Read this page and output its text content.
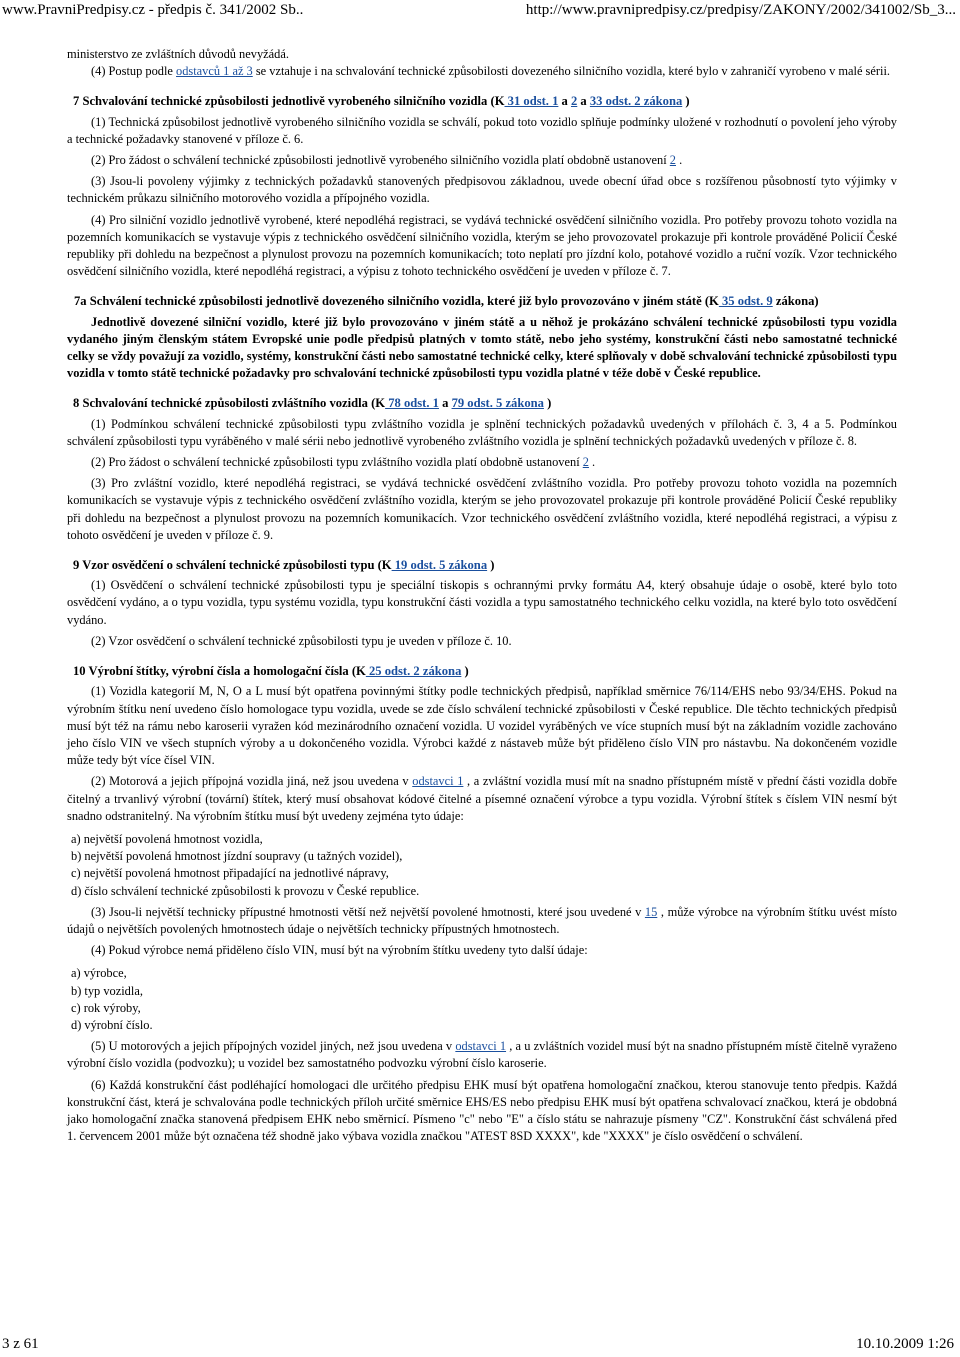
www.PravniPredpisy.cz - předpis č. 341/2002 Sb..	http://www.pravnipredpisy.cz/predpisy/ZAKONY/2002/341002/Sb_3...

ministerstvo ze zvláštních důvodů nevyžádá.

(4) Postup podle odstavců 1 až 3 se vztahuje i na schvalování technické způsobilosti dovezeného silničního vozidla, které bylo v zahraničí vyrobeno v malé sérii.

7 Schvalování technické způsobilosti jednotlivě vyrobeného silničního vozidla (K 31 odst. 1 a 2 a 33 odst. 2 zákona )

(1) Technická způsobilost jednotlivě vyrobeného silničního vozidla se schválí, pokud toto vozidlo splňuje podmínky uložené v rozhodnutí o povolení jeho výroby a technické požadavky stanovené v příloze č. 6.

(2) Pro žádost o schválení technické způsobilosti jednotlivě vyrobeného silničního vozidla platí obdobně ustanovení 2 .

(3) Jsou-li povoleny výjimky z technických požadavků stanovených předpisovou základnou, uvede obecní úřad obce s rozšířenou působností tyto výjimky v technickém průkazu silničního motorového vozidla a přípojného vozidla.

(4) Pro silniční vozidlo jednotlivě vyrobené, které nepodléhá registraci, se vydává technické osvědčení silničního vozidla. Pro potřeby provozu tohoto vozidla na pozemních komunikacích se vystavuje výpis z technického osvědčení silničního vozidla, kterým se jeho provozovatel prokazuje při kontrole prováděné Policií České republiky při dohledu na bezpečnost a plynulost provozu na pozemních komunikacích; toto neplatí pro jízdní kolo, potahové vozidlo a ruční vozík. Vzor technického osvědčení silničního vozidla, které nepodléhá registraci, a výpisu z tohoto technického osvědčení je uveden v příloze č. 7.

7a Schválení technické způsobilosti jednotlivě dovezeného silničního vozidla, které již bylo provozováno v jiném státě (K 35 odst. 9 zákona)

Jednotlivě dovezené silniční vozidlo, které již bylo provozováno v jiném státě a u něhož je prokázáno schválení technické způsobilosti typu vozidla vydaného jiným členským státem Evropské unie podle předpisů platných v tomto státě, nebo jeho systémy, konstrukční části nebo samostatné technické celky se vždy považují za vozidlo, systémy, konstrukční části nebo samostatné technické celky, které splňovaly v době schvalování technické způsobilosti typu vozidla v tomto státě technické požadavky pro schvalování technické způsobilosti typu vozidla platné v téže době v České republice.

8 Schvalování technické způsobilosti zvláštního vozidla (K 78 odst. 1 a 79 odst. 5 zákona )

(1) Podmínkou schválení technické způsobilosti typu zvláštního vozidla je splnění technických požadavků uvedených v přílohách č. 3, 4 a 5. Podmínkou schválení způsobilosti typu vyráběného v malé sérii nebo jednotlivě vyrobeného zvláštního vozidla je splnění technických požadavků uvedených v příloze č. 8.

(2) Pro žádost o schválení technické způsobilosti typu zvláštního vozidla platí obdobně ustanovení 2 .

(3) Pro zvláštní vozidlo, které nepodléhá registraci, se vydává technické osvědčení zvláštního vozidla. Pro potřeby provozu tohoto vozidla na pozemních komunikacích se vystavuje výpis z technického osvědčení zvláštního vozidla, kterým se jeho provozovatel prokazuje při kontrole prováděné Policií České republiky při dohledu na bezpečnost a plynulost provozu na pozemních komunikacích. Vzor technického osvědčení zvláštního vozidla, které nepodléhá registraci, a výpisu z tohoto osvědčení je uveden v příloze č. 9.

9 Vzor osvědčení o schválení technické způsobilosti typu (K 19 odst. 5 zákona )

(1) Osvědčení o schválení technické způsobilosti typu je speciální tiskopis s ochrannými prvky formátu A4, který obsahuje údaje o osobě, které bylo toto osvědčení vydáno, a o typu vozidla, typu systému vozidla, typu konstrukční části vozidla a typu samostatného technického celku vozidla, na které bylo toto osvědčení vydáno.

(2) Vzor osvědčení o schválení technické způsobilosti typu je uveden v příloze č. 10.

10 Výrobní štítky, výrobní čísla a homologační čísla (K 25 odst. 2 zákona )

(1) Vozidla kategorií M, N, O a L musí být opatřena povinnými štítky podle technických předpisů, například směrnice 76/114/EHS nebo 93/34/EHS. Pokud na výrobním štítku není uvedeno číslo homologace typu vozidla, uvede se zde číslo schválení technické způsobilosti v České republice. Dle těchto technických předpisů musí být též na rámu nebo karoserii vyražen kód mezinárodního označení vozidla. U vozidel vyráběných ve více stupních musí být na základním vozidle zachováno jeho číslo VIN ve všech stupních výroby a u dokončeného vozidla. Výrobci každé z nástaveb může být přiděleno číslo VIN pro nástavbu. Na dokončeném vozidle může tedy být více čísel VIN.

(2) Motorová a jejich přípojná vozidla jiná, než jsou uvedena v odstavci 1 , a zvláštní vozidla musí mít na snadno přístupném místě v přední části vozidla dobře čitelný a trvanlivý výrobní (tovární) štítek, který musí obsahovat kódové čitelné a písemné označení výrobce a typu vozidla. Výrobní štítek s číslem VIN nesmí být snadno odstranitelný. Na výrobním štítku musí být uvedeny zejména tyto údaje:

a) největší povolená hmotnost vozidla,
b) největší povolená hmotnost jízdní soupravy (u tažných vozidel),
c) největší povolená hmotnost připadající na jednotlivé nápravy,
d) číslo schválení technické způsobilosti k provozu v České republice.

(3) Jsou-li největší technicky přípustné hmotnosti větší než největší povolené hmotnosti, které jsou uvedené v 15 , může výrobce na výrobním štítku uvést místo údajů o největších povolených hmotnostech údaje o největších technicky přípustných hmotnostech.

(4) Pokud výrobce nemá přiděleno číslo VIN, musí být na výrobním štítku uvedeny tyto další údaje:

a) výrobce,
b) typ vozidla,
c) rok výroby,
d) výrobní číslo.

(5) U motorových a jejich přípojných vozidel jiných, než jsou uvedena v odstavci 1 , a u zvláštních vozidel musí být na snadno přístupném místě čitelně vyraženo výrobní číslo vozidla (podvozku); u vozidel bez samostatného podvozku výrobní číslo karoserie.

(6) Každá konstrukční část podléhající homologaci dle určitého předpisu EHK musí být opatřena homologační značkou, kterou stanovuje tento předpis. Každá konstrukční část, která je schvalována podle technických příloh určité směrnice EHS/ES nebo předpisu EHK musí být opatřena schvalovací značkou, která je obdobná jako homologační značka stanovená předpisem EHK nebo směrnicí. Písmeno "c" nebo "E" a číslo státu se nahrazuje písmeny "CZ". Konstrukční část schválená před 1. červencem 2001 může být označena též shodně jako výbava vozidla značkou "ATEST 8SD XXXX", kde "XXXX" je číslo osvědčení o schválení.

3 z 61	10.10.2009 1:26
